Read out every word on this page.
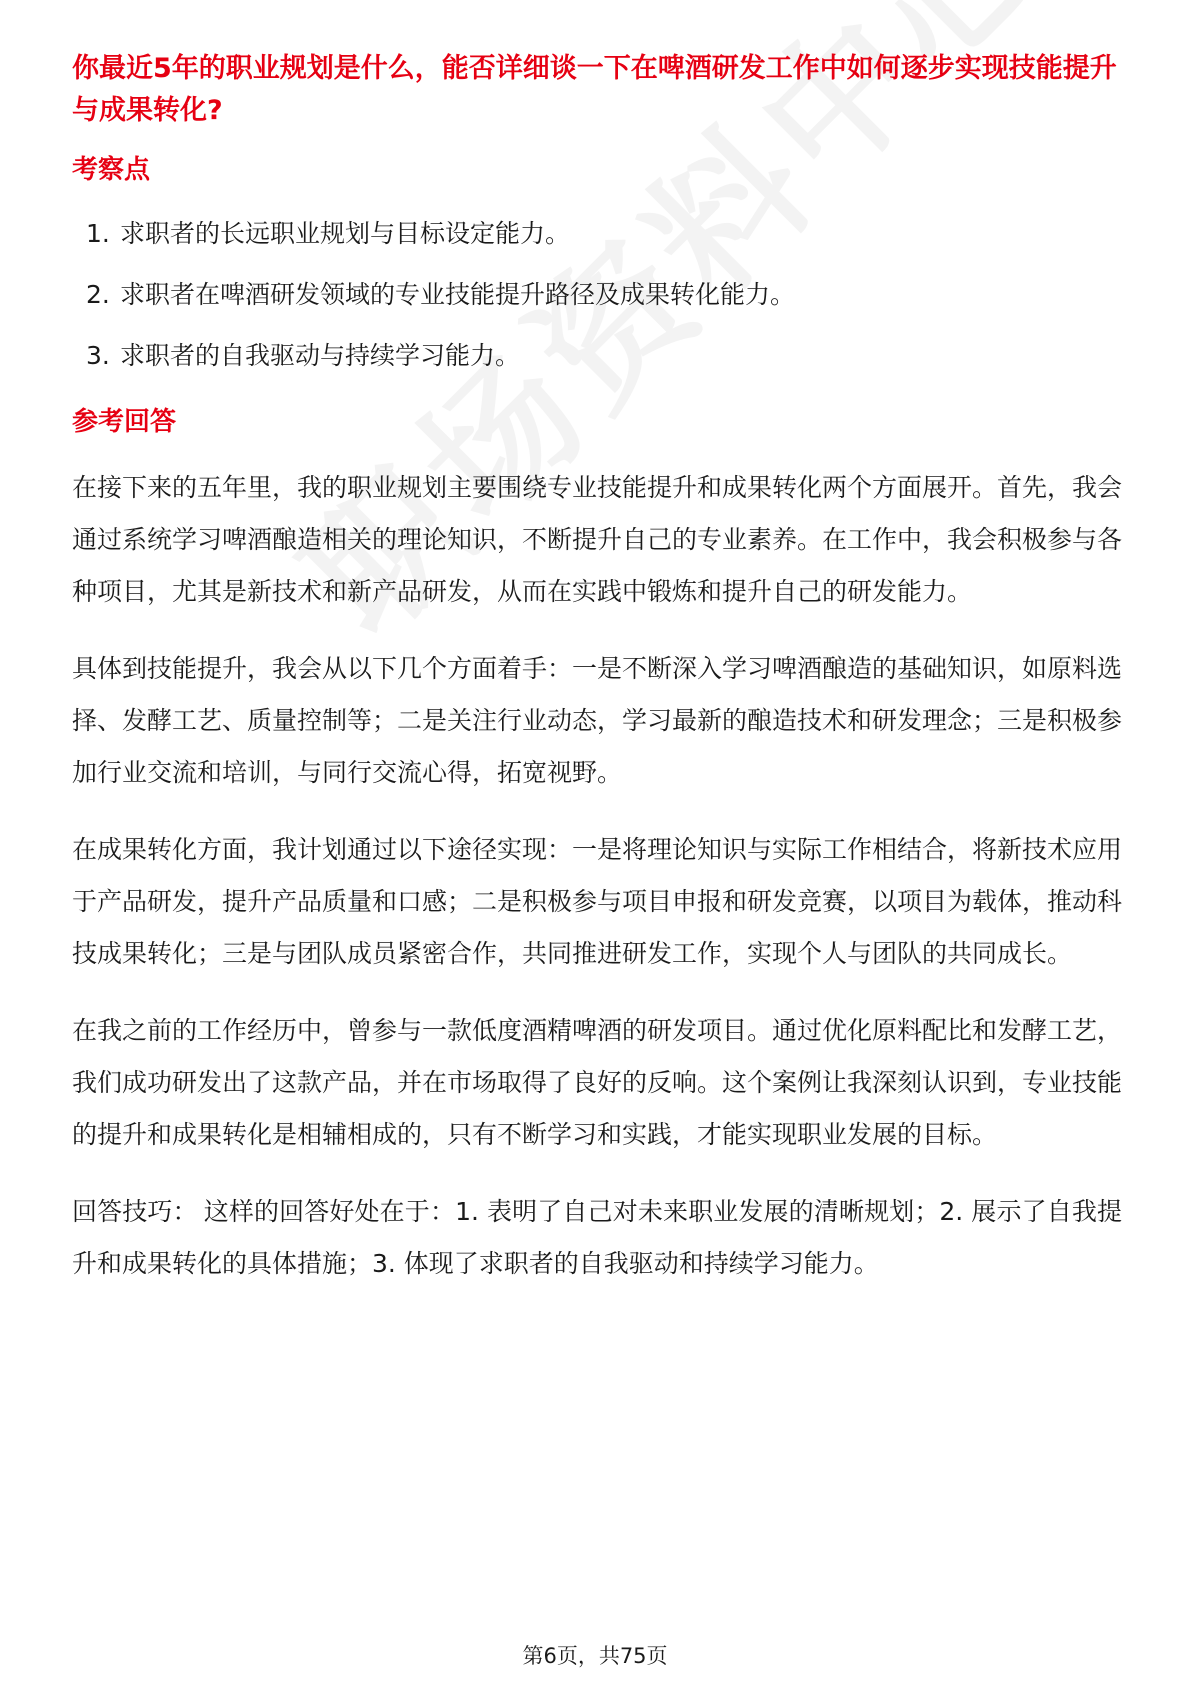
你最近5年的职业规划是什么，能否详细谈一下在啤酒研发工作中如何逐步实现技能提升与成果转化?
考察点
1. 求职者的长远职业规划与目标设定能力。
2. 求职者在啤酒研发领域的专业技能提升路径及成果转化能力。
3. 求职者的自我驱动与持续学习能力。
参考回答

在接下来的五年里，我的职业规划主要围绕专业技能提升和成果转化两个方面展开。首先，我会通过系统学习啤酒酿造相关的理论知识，不断提升自己的专业素养。在工作中，我会积极参与各种项目，尤其是新技术和新产品研发，从而在实践中锻炼和提升自己的研发能力。

具体到技能提升，我会从以下几个方面着手：一是不断深入学习啤酒酿造的基础知识，如原料选择、发酵工艺、质量控制等；二是关注行业动态，学习最新的酿造技术和研发理念；三是积极参加行业交流和培训，与同行交流心得，拓宽视野。

在成果转化方面，我计划通过以下途径实现：一是将理论知识与实际工作相结合，将新技术应用于产品研发，提升产品质量和口感；二是积极参与项目申报和研发竞赛，以项目为载体，推动科技成果转化；三是与团队成员紧密合作，共同推进研发工作，实现个人与团队的共同成长。

在我之前的工作经历中，曾参与一款低度酒精啤酒的研发项目。通过优化原料配比和发酵工艺，我们成功研发出了这款产品，并在市场取得了良好的反响。这个案例让我深刻认识到，专业技能的提升和成果转化是相辅相成的，只有不断学习和实践，才能实现职业发展的目标。

回答技巧： 这样的回答好处在于：1. 表明了自己对未来职业发展的清晰规划；2. 展示了自我提升和成果转化的具体措施；3. 体现了求职者的自我驱动和持续学习能力。

第6页，共75页
